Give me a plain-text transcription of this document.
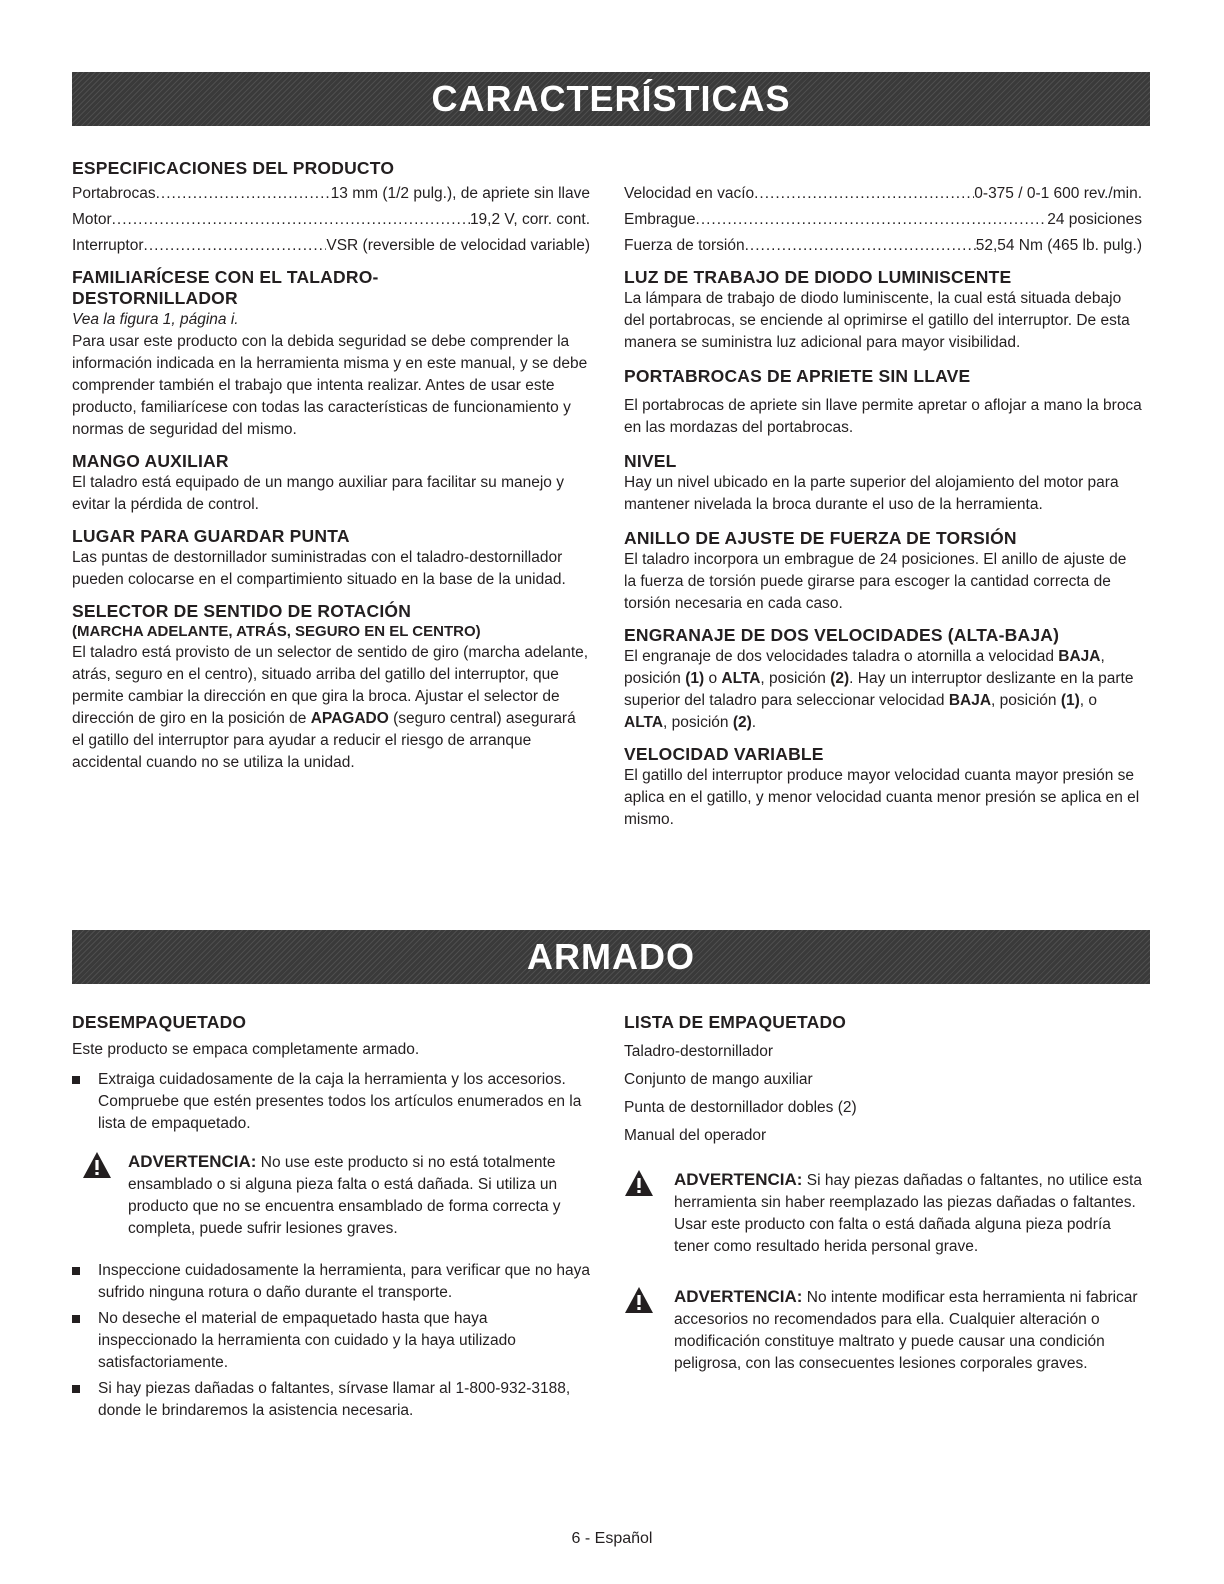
CARACTERÍSTICAS
ESPECIFICACIONES DEL PRODUCTO
Portabrocas .....	13 mm (1/2 pulg.), de apriete sin llave
Motor .....	19,2 V, corr. cont.
Interruptor .....	VSR (reversible de velocidad variable)
FAMILIARÍCESE CON EL TALADRO-
DESTORNILLADOR

Vea la figura 1, página i.

Para usar este producto con la debida seguridad se debe comprender la información indicada en la herramienta misma y en este manual, y se debe comprender también el trabajo que intenta realizar. Antes de usar este producto, familiarícese con todas las características de funcionamiento y normas de seguridad del mismo.

MANGO AUXILIAR

El taladro está equipado de un mango auxiliar para facilitar su manejo y evitar la pérdida de control.

LUGAR PARA GUARDAR PUNTA

Las puntas de destornillador suministradas con el taladro-destornillador pueden colocarse en el compartimiento situado en la base de la unidad.

SELECTOR DE SENTIDO DE ROTACIÓN
(MARCHA ADELANTE, ATRÁS, SEGURO EN EL CENTRO)

El taladro está provisto de un selector de sentido de giro (marcha adelante, atrás, seguro en el centro), situado arriba del gatillo del interruptor, que permite cambiar la dirección en que gira la broca. Ajustar el selector de dirección de giro en la posición de APAGADO (seguro central) asegurará el gatillo del interruptor para ayudar a reducir el riesgo de arranque accidental cuando no se utiliza la unidad.

Velocidad en vacío .....	0-375 / 0-1 600 rev./min.
Embrague .....	24 posiciones
Fuerza de torsión .....	52,54 Nm (465 lb. pulg.)
LUZ DE TRABAJO DE DIODO LUMINISCENTE

La lámpara de trabajo de diodo luminiscente, la cual está situada debajo del portabrocas, se enciende al oprimirse el gatillo del interruptor. De esta manera se suministra luz adicional para mayor visibilidad.

PORTABROCAS DE APRIETE SIN LLAVE

El portabrocas de apriete sin llave permite apretar o aflojar a mano la broca en las mordazas del portabrocas.

NIVEL

Hay un nivel ubicado en la parte superior del alojamiento del motor para mantener nivelada la broca durante el uso de la herramienta.

ANILLO DE AJUSTE DE FUERZA DE TORSIÓN

El taladro incorpora un embrague de 24 posiciones. El anillo de ajuste de la fuerza de torsión puede girarse para escoger la cantidad correcta de torsión necesaria en cada caso.

ENGRANAJE DE DOS VELOCIDADES (ALTA-BAJA)

El engranaje de dos velocidades taladra o atornilla a velocidad BAJA, posición (1) o ALTA, posición (2). Hay un interruptor deslizante en la parte superior del taladro para seleccionar velocidad BAJA, posición (1), o ALTA, posición (2).

VELOCIDAD VARIABLE

El gatillo del interruptor produce mayor velocidad cuanta mayor presión se aplica en el gatillo, y menor velocidad cuanta menor presión se aplica en el mismo.

ARMADO
DESEMPAQUETADO

Este producto se empaca completamente armado.

Extraiga cuidadosamente de la caja la herramienta y los accesorios. Compruebe que estén presentes todos los artículos enumerados en la lista de empaquetado.

ADVERTENCIA: No use este producto si no está totalmente ensamblado o si alguna pieza falta o está dañada. Si utiliza un producto que no se encuentra ensamblado de forma correcta y completa, puede sufrir lesiones graves.

Inspeccione cuidadosamente la herramienta, para verificar que no haya sufrido ninguna rotura o daño durante el transporte.

No deseche el material de empaquetado hasta que haya inspeccionado la herramienta con cuidado y la haya utilizado satisfactoriamente.

Si hay piezas dañadas o faltantes, sírvase llamar al 1-800-932-3188, donde le brindaremos la asistencia necesaria.

LISTA DE EMPAQUETADO
Taladro-destornillador
Conjunto de mango auxiliar
Punta de destornillador dobles (2)
Manual del operador

ADVERTENCIA: Si hay piezas dañadas o faltantes, no utilice esta herramienta sin haber reemplazado las piezas dañadas o faltantes. Usar este producto con falta o está dañada alguna pieza podría tener como resultado herida personal grave.

ADVERTENCIA: No intente modificar esta herramienta ni fabricar accesorios no recomendados para ella. Cualquier alteración o modificación constituye maltrato y puede causar una condición peligrosa, con las consecuentes lesiones corporales graves.

6 - Español
